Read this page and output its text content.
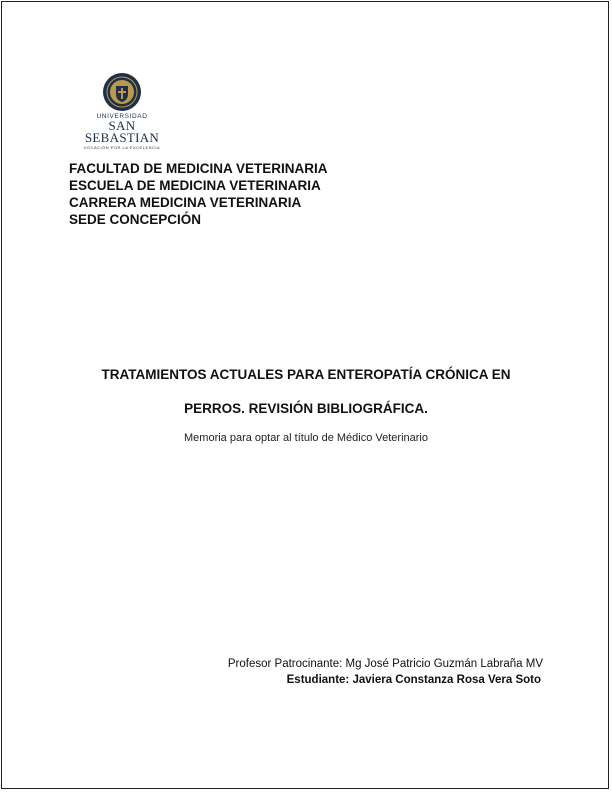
UNIVERSIDAD
SAN SEBASTIAN
VOCACIÓN POR LA EXCELENCIA
FACULTAD DE MEDICINA VETERINARIA
ESCUELA DE MEDICINA VETERINARIA
CARRERA MEDICINA VETERINARIA
SEDE CONCEPCIÓN
TRATAMIENTOS ACTUALES PARA ENTEROPATÍA CRÓNICA EN
PERROS. REVISIÓN BIBLIOGRÁFICA.
Memoria para optar al título de Médico Veterinario
Profesor Patrocinante: Mg José Patricio Guzmán Labraña MV
Estudiante: Javiera Constanza Rosa Vera Soto
